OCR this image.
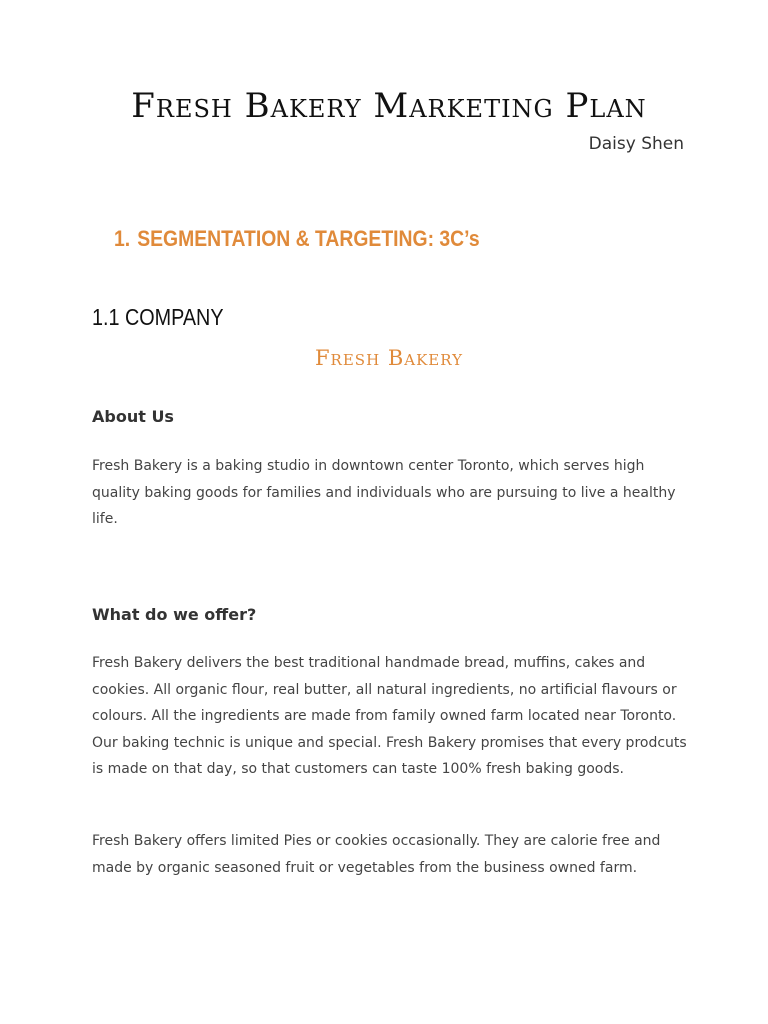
Fresh Bakery Marketing Plan
Daisy Shen
1. SEGMENTATION & TARGETING: 3C’s
1.1 COMPANY
Fresh Bakery
About Us

Fresh Bakery is a baking studio in downtown center Toronto, which serves high quality baking goods for families and individuals who are pursuing to live a healthy life.

What do we offer?

Fresh Bakery delivers the best traditional handmade bread, muffins, cakes and cookies. All organic flour, real butter, all natural ingredients, no artificial flavours or colours. All the ingredients are made from family owned farm located near Toronto. Our baking technic is unique and special. Fresh Bakery promises that every prodcuts is made on that day, so that customers can taste 100% fresh baking goods.

Fresh Bakery offers limited Pies or cookies occasionally. They are calorie free and made by organic seasoned fruit or vegetables from the business owned farm.
